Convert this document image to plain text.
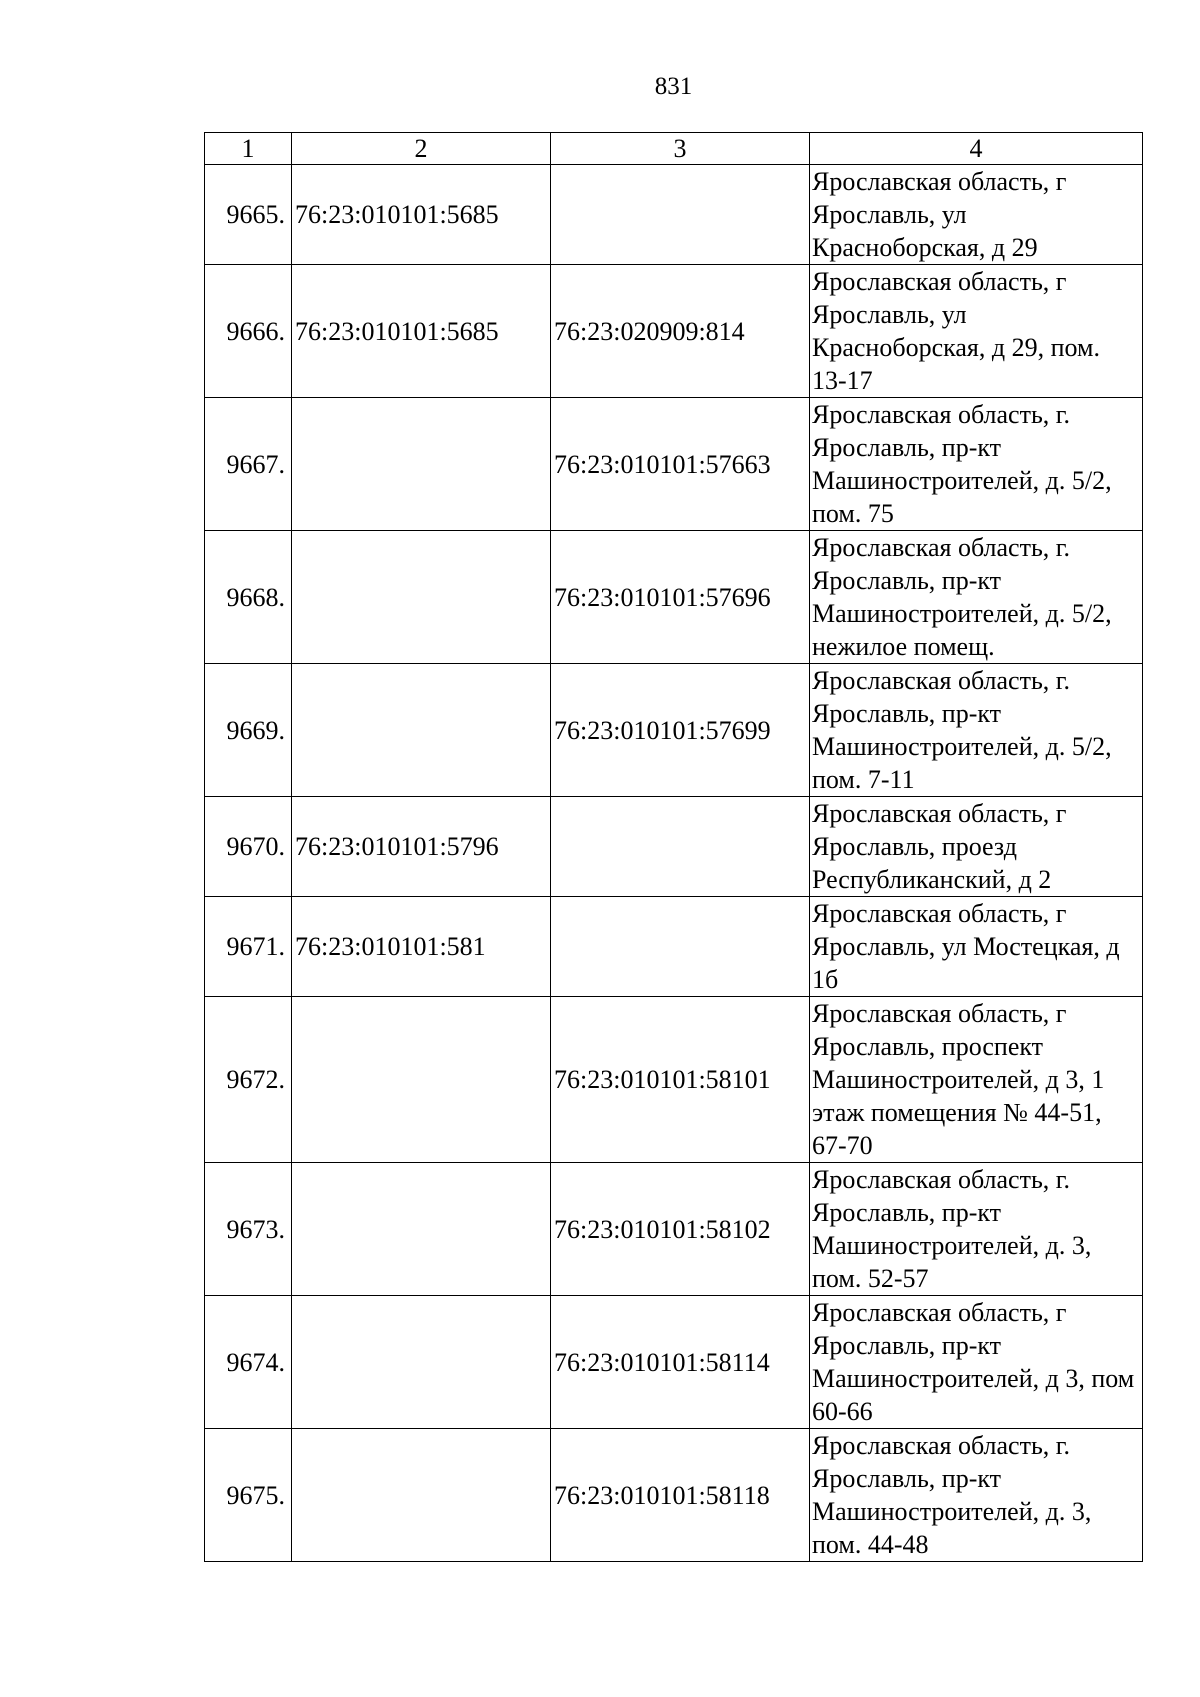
831
1	2	3	4
9665.	76:23:010101:5685		Ярославская область, г Ярославль, ул Красноборская, д 29
9666.	76:23:010101:5685	76:23:020909:814	Ярославская область, г Ярославль, ул Красноборская, д 29, пом. 13-17
9667.		76:23:010101:57663	Ярославская область, г. Ярославль, пр-кт Машиностроителей, д. 5/2, пом. 75
9668.		76:23:010101:57696	Ярославская область, г. Ярославль, пр-кт Машиностроителей, д. 5/2, нежилое помещ.
9669.		76:23:010101:57699	Ярославская область, г. Ярославль, пр-кт Машиностроителей, д. 5/2, пом. 7-11
9670.	76:23:010101:5796		Ярославская область, г Ярославль, проезд Республиканский, д 2
9671.	76:23:010101:581		Ярославская область, г Ярославль, ул Мостецкая, д 1б
9672.		76:23:010101:58101	Ярославская область, г Ярославль, проспект Машиностроителей, д 3, 1 этаж помещения № 44-51, 67-70
9673.		76:23:010101:58102	Ярославская область, г. Ярославль, пр-кт Машиностроителей, д. 3, пом. 52-57
9674.		76:23:010101:58114	Ярославская область, г Ярославль, пр-кт Машиностроителей, д 3, пом 60-66
9675.		76:23:010101:58118	Ярославская область, г. Ярославль, пр-кт Машиностроителей, д. 3, пом. 44-48
